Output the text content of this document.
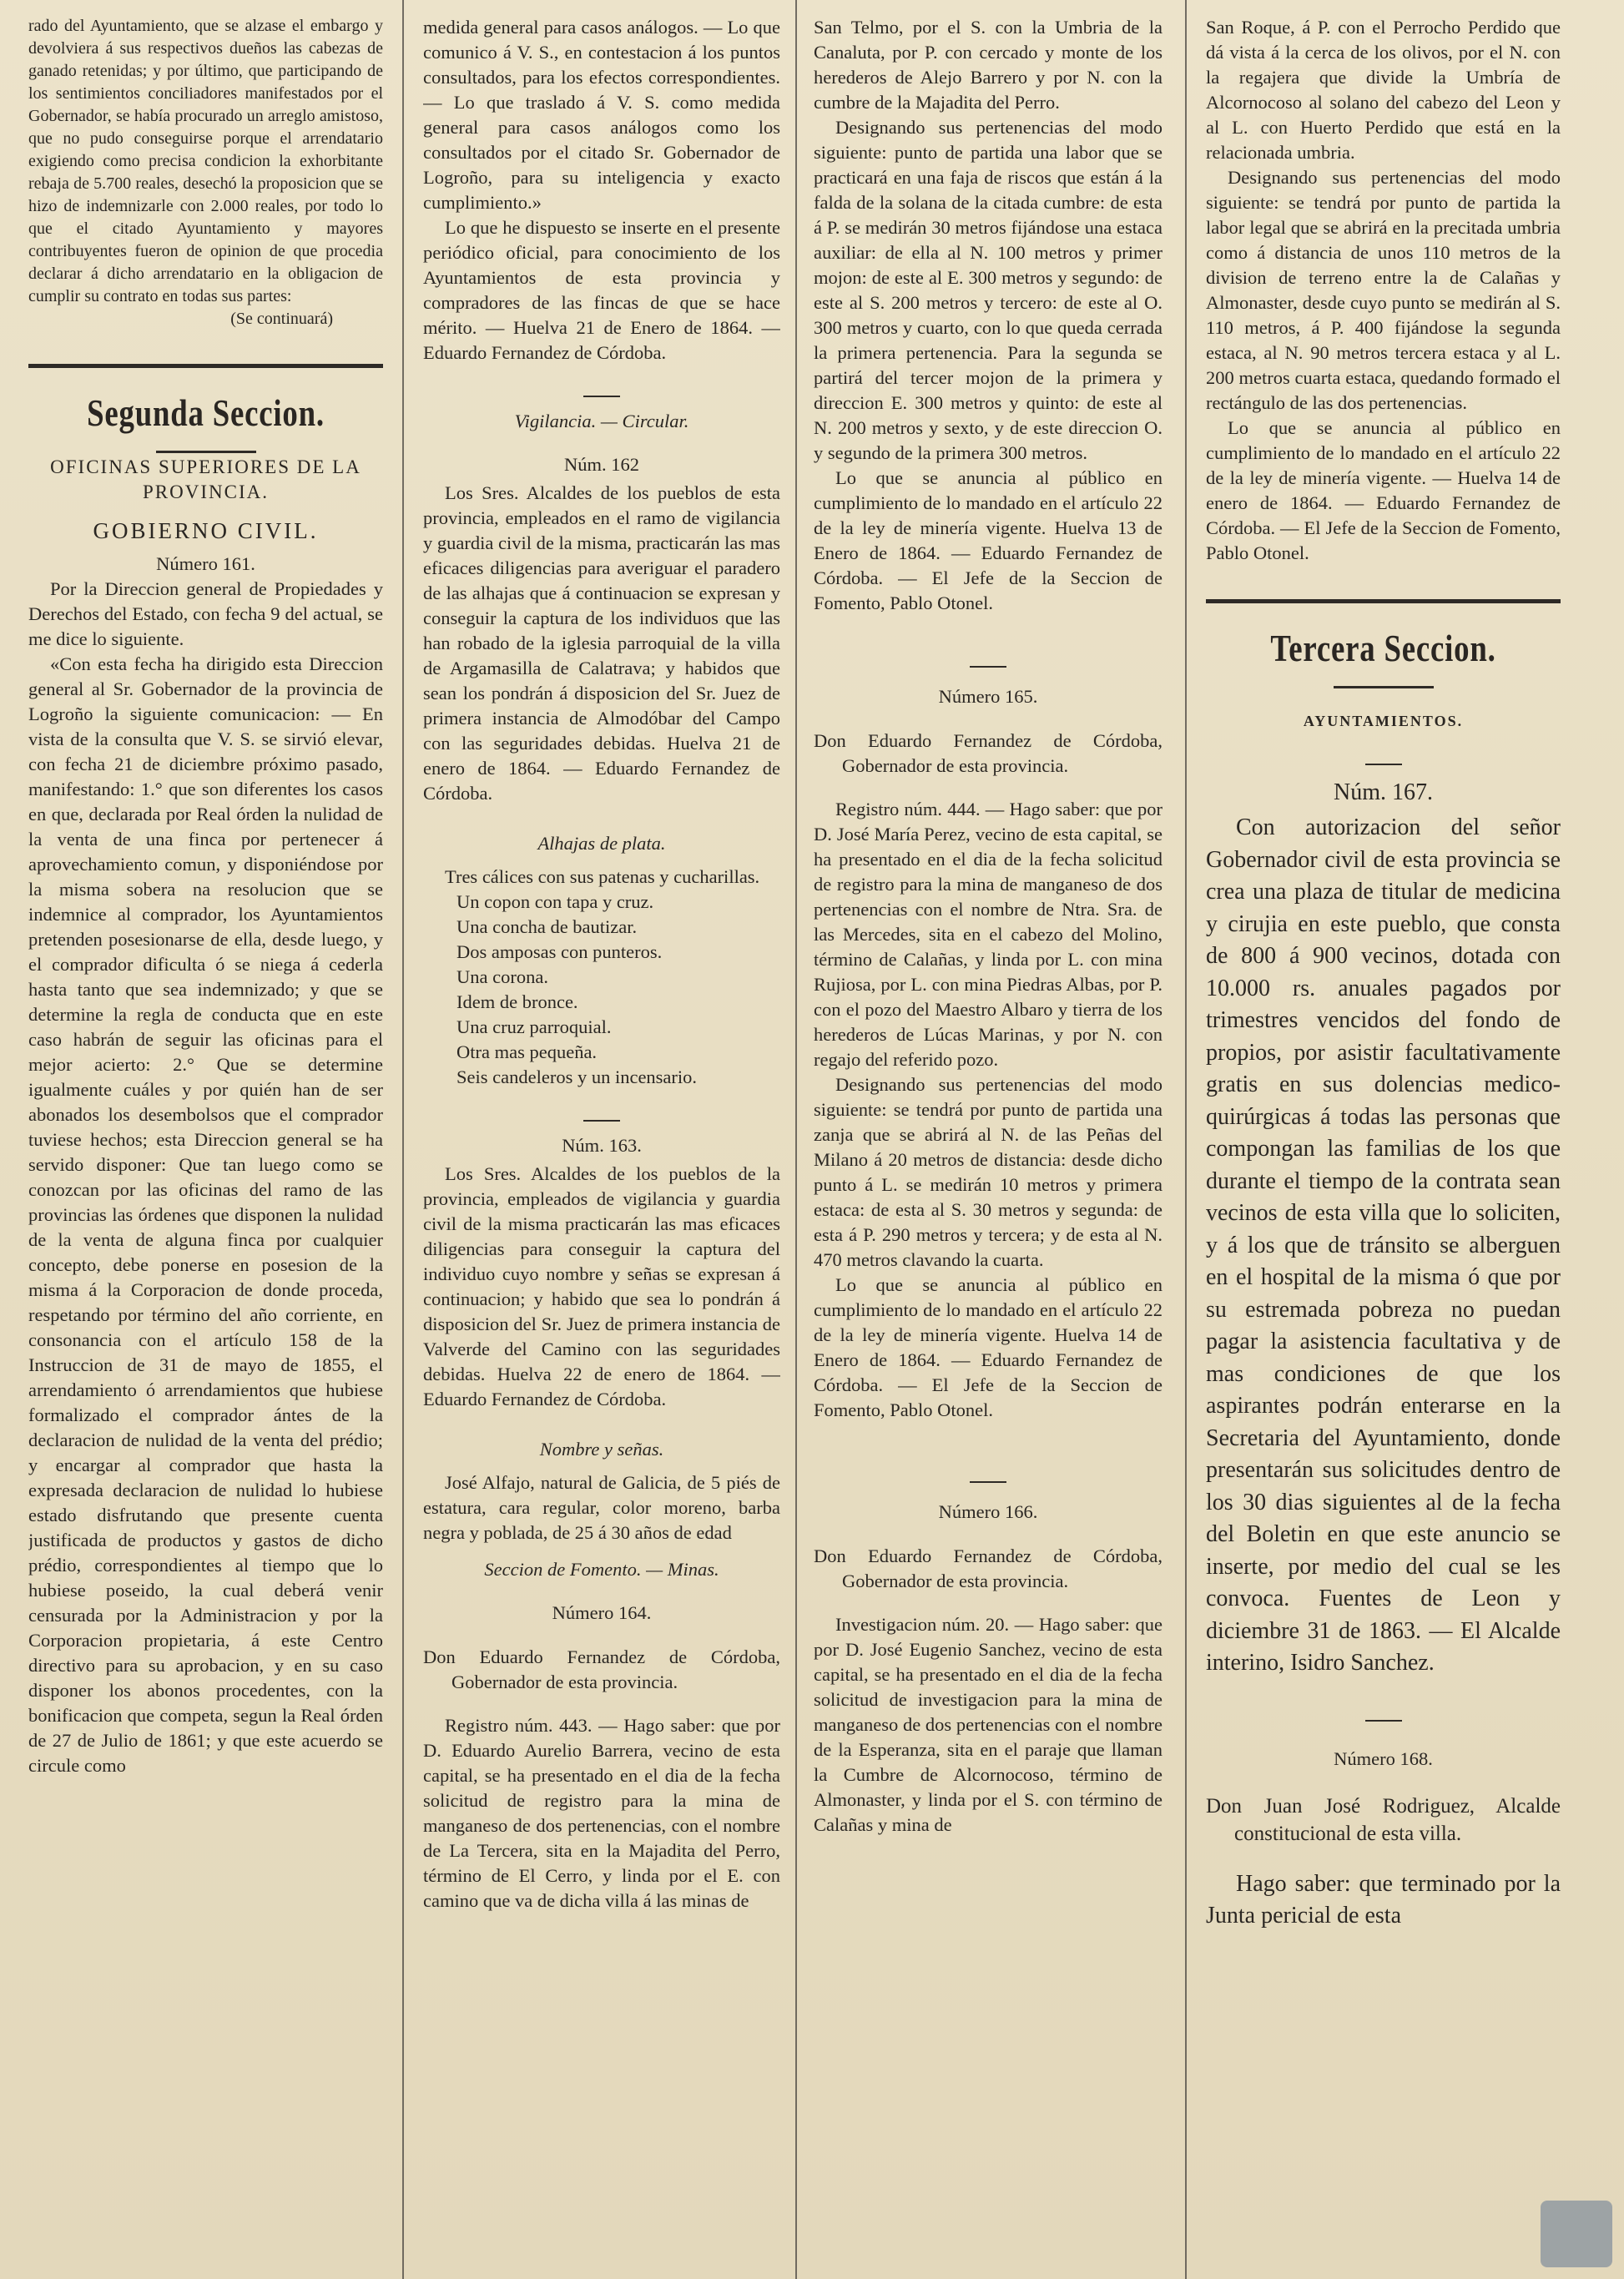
rado del Ayuntamiento, que se alzase el embargo y devolviera á sus respectivos dueños las cabezas de ganado retenidas; y por último, que participando de los sentimientos conciliadores manifestados por el Gobernador, se había procurado un arreglo amistoso, que no pudo conseguirse porque el arrendatario exigiendo como precisa condicion la exhorbitante rebaja de 5.700 reales, desechó la proposicion que se hizo de indemnizarle con 2.000 reales, por todo lo que el citado Ayuntamiento y mayores contribuyentes fueron de opinion de que procedia declarar á dicho arrendatario en la obligacion de cumplir su contrato en todas sus partes:

(Se continuará)

Segunda Seccion.
OFICINAS SUPERIORES DE LA PROVINCIA.
GOBIERNO CIVIL.

Número 161.

Por la Direccion general de Propiedades y Derechos del Estado, con fecha 9 del actual, se me dice lo siguiente.

«Con esta fecha ha dirigido esta Direccion general al Sr. Gobernador de la provincia de Logroño la siguiente comunicacion: — En vista de la consulta que V. S. se sirvió elevar, con fecha 21 de diciembre próximo pasado, manifestando: 1.° que son diferentes los casos en que, declarada por Real órden la nulidad de la venta de una finca por pertenecer á aprovechamiento comun, y disponiéndose por la misma sobera na resolucion que se indemnice al comprador, los Ayuntamientos pretenden posesionarse de ella, desde luego, y el comprador dificulta ó se niega á cederla hasta tanto que sea indemnizado; y que se determine la regla de conducta que en este caso habrán de seguir las oficinas para el mejor acierto: 2.° Que se determine igualmente cuáles y por quién han de ser abonados los desembolsos que el comprador tuviese hechos; esta Direccion general se ha servido disponer: Que tan luego como se conozcan por las oficinas del ramo de las provincias las órdenes que disponen la nulidad de la venta de alguna finca por cualquier concepto, debe ponerse en posesion de la misma á la Corporacion de donde proceda, respetando por término del año corriente, en consonancia con el artículo 158 de la Instruccion de 31 de mayo de 1855, el arrendamiento ó arrendamientos que hubiese formalizado el comprador ántes de la declaracion de nulidad de la venta del prédio; y encargar al comprador que hasta la expresada declaracion de nulidad lo hubiese estado disfrutando que presente cuenta justificada de productos y gastos de dicho prédio, correspondientes al tiempo que lo hubiese poseido, la cual deberá venir censurada por la Administracion y por la Corporacion propietaria, á este Centro directivo para su aprobacion, y en su caso disponer los abonos procedentes, con la bonificacion que competa, segun la Real órden de 27 de Julio de 1861; y que este acuerdo se circule como

medida general para casos análogos. — Lo que comunico á V. S., en contestacion á los puntos consultados, para los efectos correspondientes. — Lo que traslado á V. S. como medida general para casos análogos como los consultados por el citado Sr. Gobernador de Logroño, para su inteligencia y exacto cumplimiento.»

Lo que he dispuesto se inserte en el presente periódico oficial, para conocimiento de los Ayuntamientos de esta provincia y compradores de las fincas de que se hace mérito. — Huelva 21 de Enero de 1864. — Eduardo Fernandez de Córdoba.

Vigilancia. — Circular.

Núm. 162

Los Sres. Alcaldes de los pueblos de esta provincia, empleados en el ramo de vigilancia y guardia civil de la misma, practicarán las mas eficaces diligencias para averiguar el paradero de las alhajas que á continuacion se expresan y conseguir la captura de los individuos que las han robado de la iglesia parroquial de la villa de Argamasilla de Calatrava; y habidos que sean los pondrán á disposicion del Sr. Juez de primera instancia de Almodóbar del Campo con las seguridades debidas. Huelva 21 de enero de 1864. — Eduardo Fernandez de Córdoba.

Alhajas de plata.

Tres cálices con sus patenas y cucharillas.

Un copon con tapa y cruz.

Una concha de bautizar.

Dos amposas con punteros.

Una corona.

Idem de bronce.

Una cruz parroquial.

Otra mas pequeña.

Seis candeleros y un incensario.

Núm. 163.

Los Sres. Alcaldes de los pueblos de la provincia, empleados de vigilancia y guardia civil de la misma practicarán las mas eficaces diligencias para conseguir la captura del individuo cuyo nombre y señas se expresan á continuacion; y habido que sea lo pondrán á disposicion del Sr. Juez de primera instancia de Valverde del Camino con las seguridades debidas. Huelva 22 de enero de 1864. — Eduardo Fernandez de Córdoba.

Nombre y señas.

José Alfajo, natural de Galicia, de 5 piés de estatura, cara regular, color moreno, barba negra y poblada, de 25 á 30 años de edad

Seccion de Fomento. — Minas.

Número 164.

Don Eduardo Fernandez de Córdoba, Gobernador de esta provincia.

Registro núm. 443. — Hago saber: que por D. Eduardo Aurelio Barrera, vecino de esta capital, se ha presentado en el dia de la fecha solicitud de registro para la mina de manganeso de dos pertenencias, con el nombre de La Tercera, sita en la Majadita del Perro, término de El Cerro, y linda por el E. con camino que va de dicha villa á las minas de

San Telmo, por el S. con la Umbria de la Canaluta, por P. con cercado y monte de los herederos de Alejo Barrero y por N. con la cumbre de la Majadita del Perro.

Designando sus pertenencias del modo siguiente: punto de partida una labor que se practicará en una faja de riscos que están á la falda de la solana de la citada cumbre: de esta á P. se medirán 30 metros fijándose una estaca auxiliar: de ella al N. 100 metros y primer mojon: de este al E. 300 metros y segundo: de este al S. 200 metros y tercero: de este al O. 300 metros y cuarto, con lo que queda cerrada la primera pertenencia. Para la segunda se partirá del tercer mojon de la primera y direccion E. 300 metros y quinto: de este al N. 200 metros y sexto, y de este direccion O. y segundo de la primera 300 metros.

Lo que se anuncia al público en cumplimiento de lo mandado en el artículo 22 de la ley de minería vigente. Huelva 13 de Enero de 1864. — Eduardo Fernandez de Córdoba. — El Jefe de la Seccion de Fomento, Pablo Otonel.

Número 165.

Don Eduardo Fernandez de Córdoba, Gobernador de esta provincia.

Registro núm. 444. — Hago saber: que por D. José María Perez, vecino de esta capital, se ha presentado en el dia de la fecha solicitud de registro para la mina de manganeso de dos pertenencias con el nombre de Ntra. Sra. de las Mercedes, sita en el cabezo del Molino, término de Calañas, y linda por L. con mina Rujiosa, por L. con mina Piedras Albas, por P. con el pozo del Maestro Albaro y tierra de los herederos de Lúcas Marinas, y por N. con regajo del referido pozo.

Designando sus pertenencias del modo siguiente: se tendrá por punto de partida una zanja que se abrirá al N. de las Peñas del Milano á 20 metros de distancia: desde dicho punto á L. se medirán 10 metros y primera estaca: de esta al S. 30 metros y segunda: de esta á P. 290 metros y tercera; y de esta al N. 470 metros clavando la cuarta.

Lo que se anuncia al público en cumplimiento de lo mandado en el artículo 22 de la ley de minería vigente. Huelva 14 de Enero de 1864. — Eduardo Fernandez de Córdoba. — El Jefe de la Seccion de Fomento, Pablo Otonel.

Número 166.

Don Eduardo Fernandez de Córdoba, Gobernador de esta provincia.

Investigacion núm. 20. — Hago saber: que por D. José Eugenio Sanchez, vecino de esta capital, se ha presentado en el dia de la fecha solicitud de investigacion para la mina de manganeso de dos pertenencias con el nombre de la Esperanza, sita en el paraje que llaman la Cumbre de Alcornocoso, término de Almonaster, y linda por el S. con término de Calañas y mina de

San Roque, á P. con el Perrocho Perdido que dá vista á la cerca de los olivos, por el N. con la regajera que divide la Umbría de Alcornocoso al solano del cabezo del Leon y al L. con Huerto Perdido que está en la relacionada umbria.

Designando sus pertenencias del modo siguiente: se tendrá por punto de partida la labor legal que se abrirá en la precitada umbria como á distancia de unos 110 metros de la division de terreno entre la de Calañas y Almonaster, desde cuyo punto se medirán al S. 110 metros, á P. 400 fijándose la segunda estaca, al N. 90 metros tercera estaca y al L. 200 metros cuarta estaca, quedando formado el rectángulo de las dos pertenencias.

Lo que se anuncia al público en cumplimiento de lo mandado en el artículo 22 de la ley de minería vigente. — Huelva 14 de enero de 1864. — Eduardo Fernandez de Córdoba. — El Jefe de la Seccion de Fomento, Pablo Otonel.

Tercera Seccion.
AYUNTAMIENTOS.

Núm. 167.

Con autorizacion del señor Gobernador civil de esta provincia se crea una plaza de titular de medicina y cirujia en este pueblo, que consta de 800 á 900 vecinos, dotada con 10.000 rs. anuales pagados por trimestres vencidos del fondo de propios, por asistir facultativamente gratis en sus dolencias medico-quirúrgicas á todas las personas que compongan las familias de los que durante el tiempo de la contrata sean vecinos de esta villa que lo soliciten, y á los que de tránsito se alberguen en el hospital de la misma ó que por su estremada pobreza no puedan pagar la asistencia facultativa y de mas condiciones de que los aspirantes podrán enterarse en la Secretaria del Ayuntamiento, donde presentarán sus solicitudes dentro de los 30 dias siguientes al de la fecha del Boletin en que este anuncio se inserte, por medio del cual se les convoca. Fuentes de Leon y diciembre 31 de 1863. — El Alcalde interino, Isidro Sanchez.

Número 168.

Don Juan José Rodriguez, Alcalde constitucional de esta villa.

Hago saber: que terminado por la Junta pericial de esta
